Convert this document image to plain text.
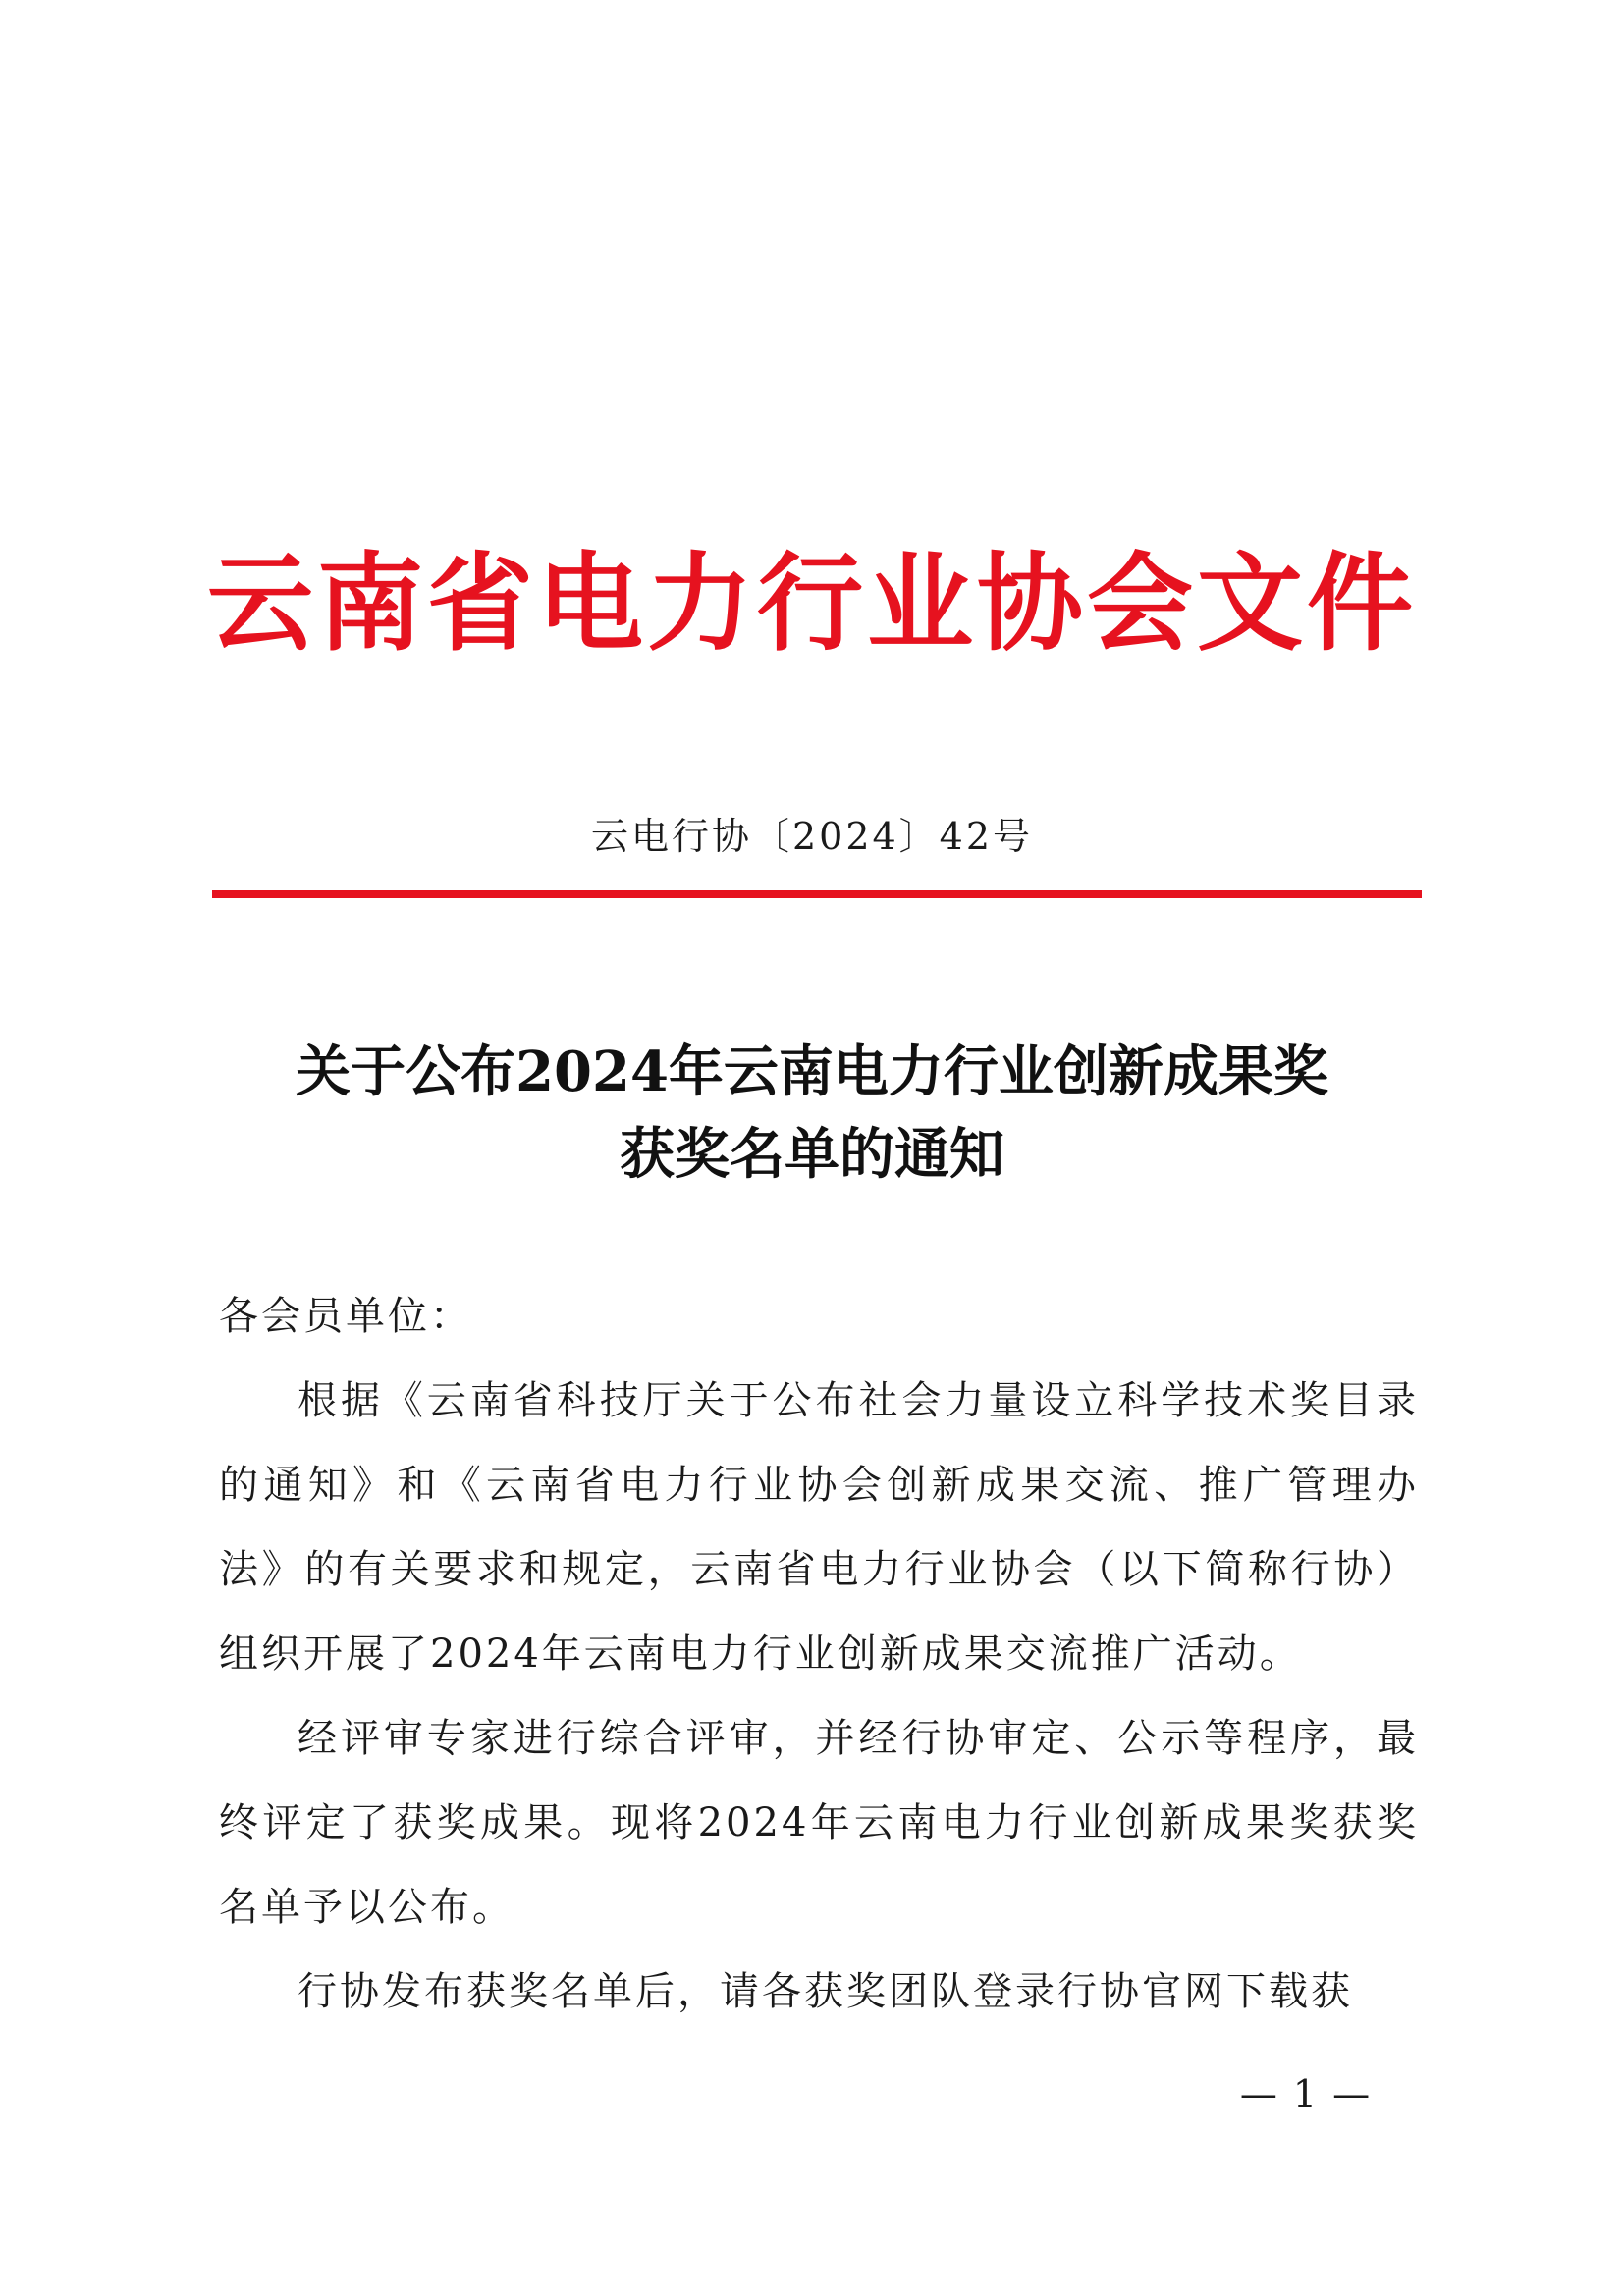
云南省电力行业协会文件
云电行协〔2024〕42号
关于公布2024年云南电力行业创新成果奖
获奖名单的通知

各会员单位：

根据《云南省科技厅关于公布社会力量设立科学技术奖目录的通知》和《云南省电力行业协会创新成果交流、推广管理办法》的有关要求和规定，云南省电力行业协会（以下简称行协）组织开展了2024年云南电力行业创新成果交流推广活动。

经评审专家进行综合评审，并经行协审定、公示等程序，最终评定了获奖成果。现将2024年云南电力行业创新成果奖获奖名单予以公布。

行协发布获奖名单后，请各获奖团队登录行协官网下载获

— 1 —
